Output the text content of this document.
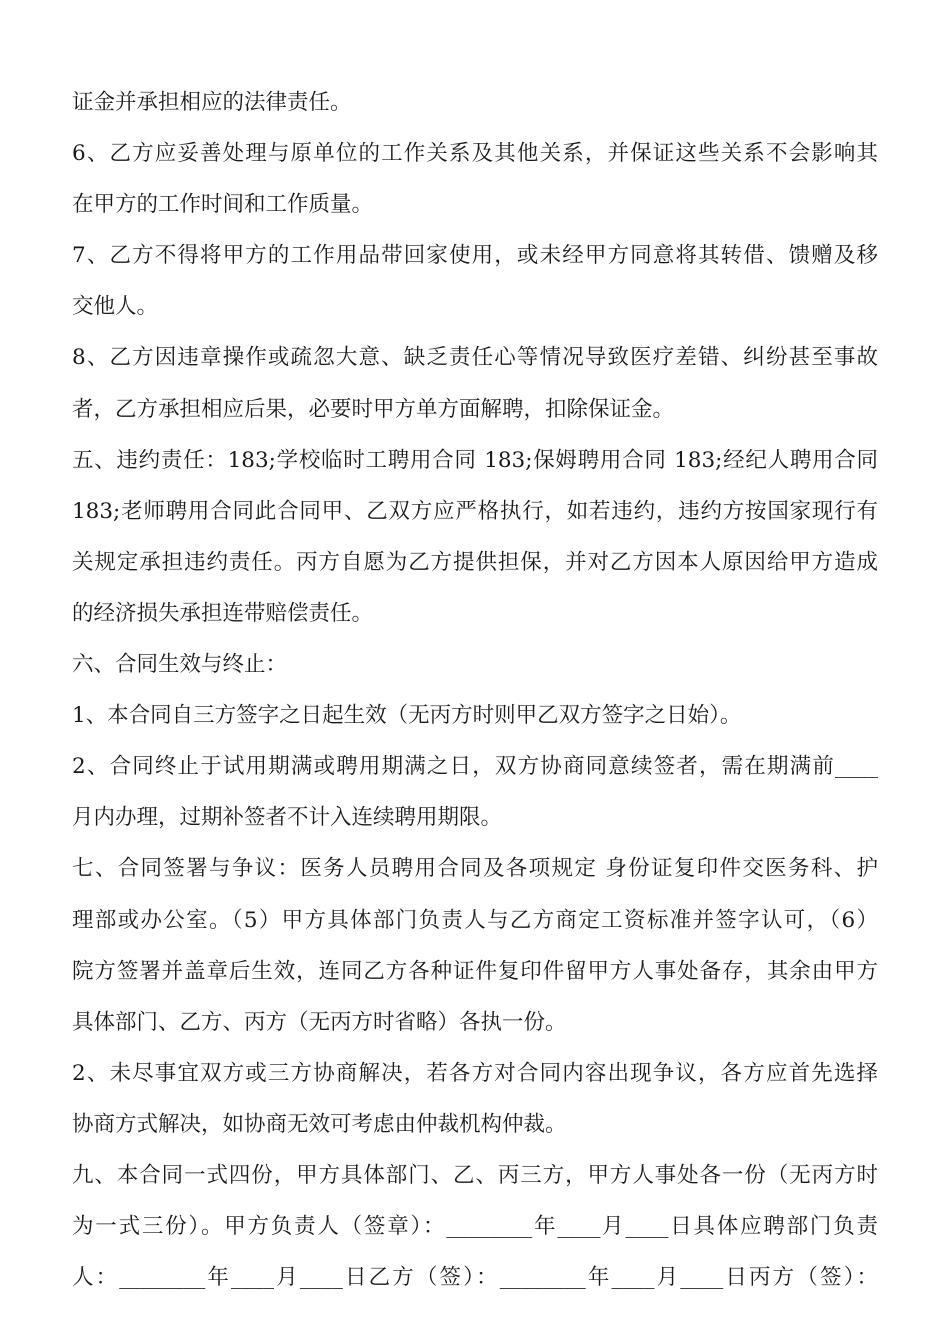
证金并承担相应的法律责任。
6、乙方应妥善处理与原单位的工作关系及其他关系，并保证这些关系不会影响其
在甲方的工作时间和工作质量。
7、乙方不得将甲方的工作用品带回家使用，或未经甲方同意将其转借、馈赠及移
交他人。
8、乙方因违章操作或疏忽大意、缺乏责任心等情况导致医疗差错、纠纷甚至事故
者，乙方承担相应后果，必要时甲方单方面解聘，扣除保证金。
五、违约责任：183;学校临时工聘用合同 183;保姆聘用合同 183;经纪人聘用合同
183;老师聘用合同此合同甲、乙双方应严格执行，如若违约，违约方按国家现行有
关规定承担违约责任。丙方自愿为乙方提供担保，并对乙方因本人原因给甲方造成
的经济损失承担连带赔偿责任。
六、合同生效与终止：
1、本合同自三方签字之日起生效（无丙方时则甲乙双方签字之日始）。
2、合同终止于试用期满或聘用期满之日，双方协商同意续签者，需在期满前____
月内办理，过期补签者不计入连续聘用期限。
七、合同签署与争议：医务人员聘用合同及各项规定 身份证复印件交医务科、护
理部或办公室。（5）甲方具体部门负责人与乙方商定工资标准并签字认可，（6）
院方签署并盖章后生效，连同乙方各种证件复印件留甲方人事处备存，其余由甲方
具体部门、乙方、丙方（无丙方时省略）各执一份。
2、未尽事宜双方或三方协商解决，若各方对合同内容出现争议，各方应首先选择
协商方式解决，如协商无效可考虑由仲裁机构仲裁。
九、本合同一式四份，甲方具体部门、乙、丙三方，甲方人事处各一份（无丙方时
为一式三份）。甲方负责人（签章）：________年____月____日具体应聘部门负责
人：________年____月____日乙方（签）：________年____月____日丙方（签）：
